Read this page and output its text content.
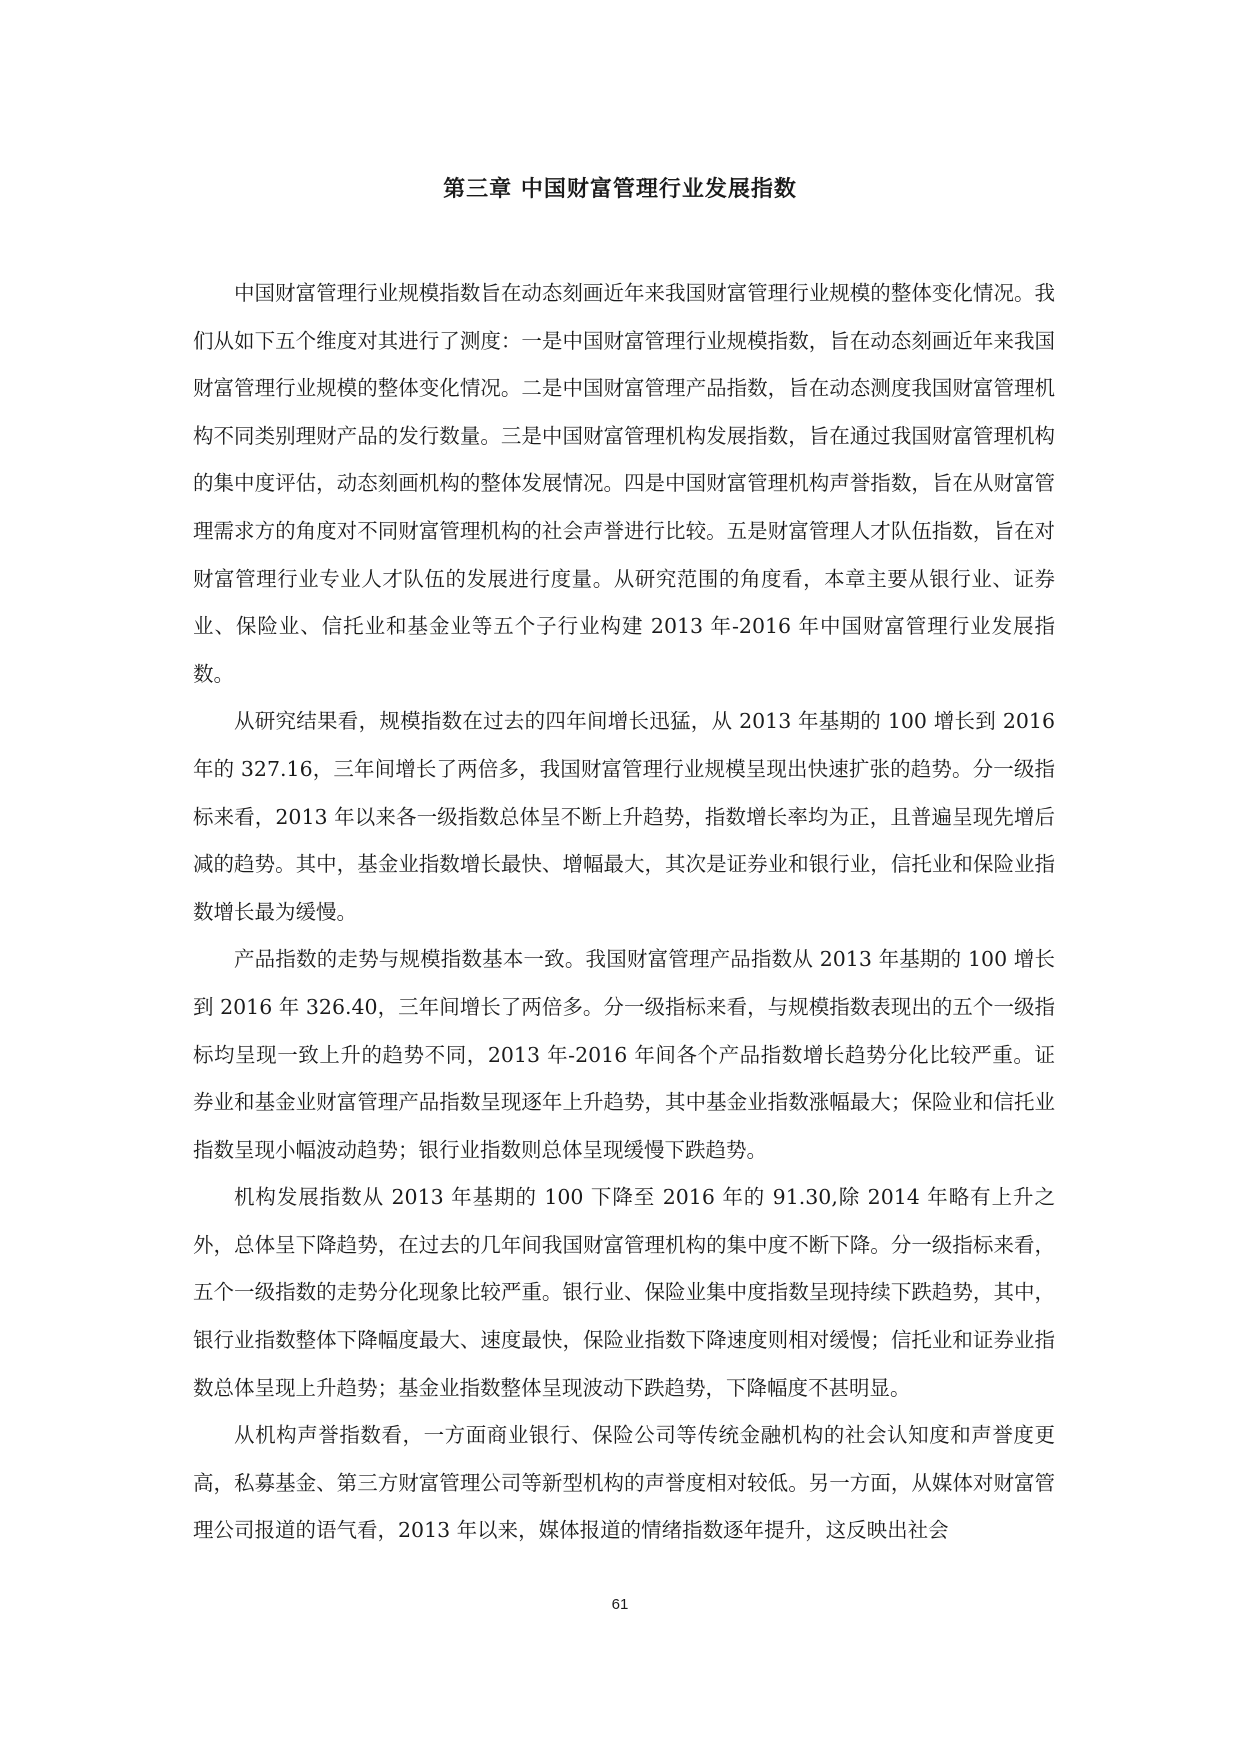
第三章 中国财富管理行业发展指数

中国财富管理行业规模指数旨在动态刻画近年来我国财富管理行业规模的整体变化情况。我们从如下五个维度对其进行了测度：一是中国财富管理行业规模指数，旨在动态刻画近年来我国财富管理行业规模的整体变化情况。二是中国财富管理产品指数，旨在动态测度我国财富管理机构不同类别理财产品的发行数量。三是中国财富管理机构发展指数，旨在通过我国财富管理机构的集中度评估，动态刻画机构的整体发展情况。四是中国财富管理机构声誉指数，旨在从财富管理需求方的角度对不同财富管理机构的社会声誉进行比较。五是财富管理人才队伍指数，旨在对财富管理行业专业人才队伍的发展进行度量。从研究范围的角度看，本章主要从银行业、证券业、保险业、信托业和基金业等五个子行业构建 2013 年-2016 年中国财富管理行业发展指数。

从研究结果看，规模指数在过去的四年间增长迅猛，从 2013 年基期的 100 增长到 2016 年的 327.16，三年间增长了两倍多，我国财富管理行业规模呈现出快速扩张的趋势。分一级指标来看，2013 年以来各一级指数总体呈不断上升趋势，指数增长率均为正，且普遍呈现先增后减的趋势。其中，基金业指数增长最快、增幅最大，其次是证券业和银行业，信托业和保险业指数增长最为缓慢。

产品指数的走势与规模指数基本一致。我国财富管理产品指数从 2013 年基期的 100 增长到 2016 年 326.40，三年间增长了两倍多。分一级指标来看，与规模指数表现出的五个一级指标均呈现一致上升的趋势不同，2013 年-2016 年间各个产品指数增长趋势分化比较严重。证券业和基金业财富管理产品指数呈现逐年上升趋势，其中基金业指数涨幅最大；保险业和信托业指数呈现小幅波动趋势；银行业指数则总体呈现缓慢下跌趋势。

机构发展指数从 2013 年基期的 100 下降至 2016 年的 91.30,除 2014 年略有上升之外，总体呈下降趋势，在过去的几年间我国财富管理机构的集中度不断下降。分一级指标来看，五个一级指数的走势分化现象比较严重。银行业、保险业集中度指数呈现持续下跌趋势，其中，银行业指数整体下降幅度最大、速度最快，保险业指数下降速度则相对缓慢；信托业和证券业指数总体呈现上升趋势；基金业指数整体呈现波动下跌趋势，下降幅度不甚明显。

从机构声誉指数看，一方面商业银行、保险公司等传统金融机构的社会认知度和声誉度更高，私募基金、第三方财富管理公司等新型机构的声誉度相对较低。另一方面，从媒体对财富管理公司报道的语气看，2013 年以来，媒体报道的情绪指数逐年提升，这反映出社会

61
